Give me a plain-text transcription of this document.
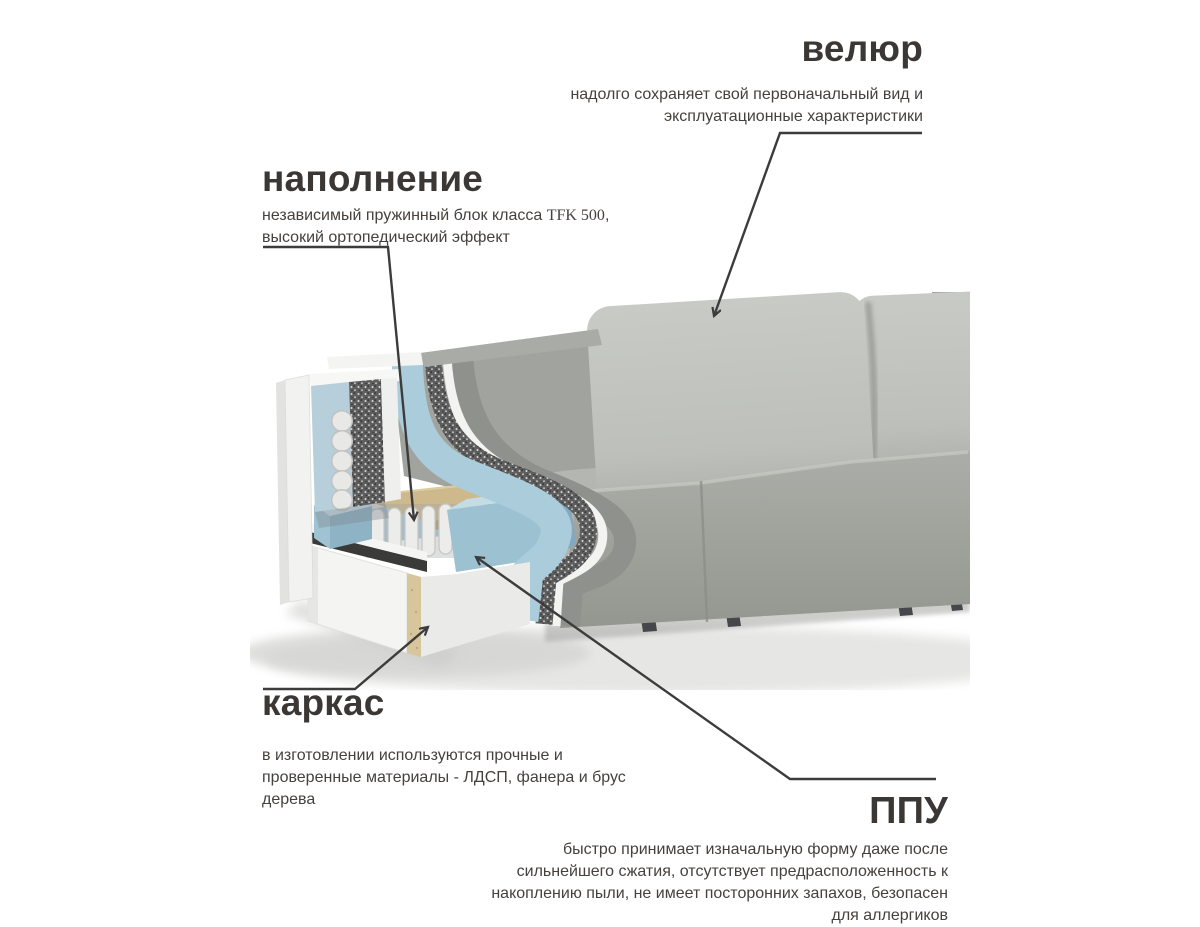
велюр
надолго сохраняет свой первоначальный вид и эксплуатационные характеристики
наполнение
независимый пружинный блок класса TFK 500, высокий ортопедический эффект
каркас
в изготовлении используются прочные и проверенные материалы - ЛДСП, фанера и брус дерева	ППУ
быстро принимает изначальную форму даже после сильнейшего сжатия, отсутствует предрасположенность к накоплению пыли, не имеет посторонних запахов, безопасен для аллергиков
